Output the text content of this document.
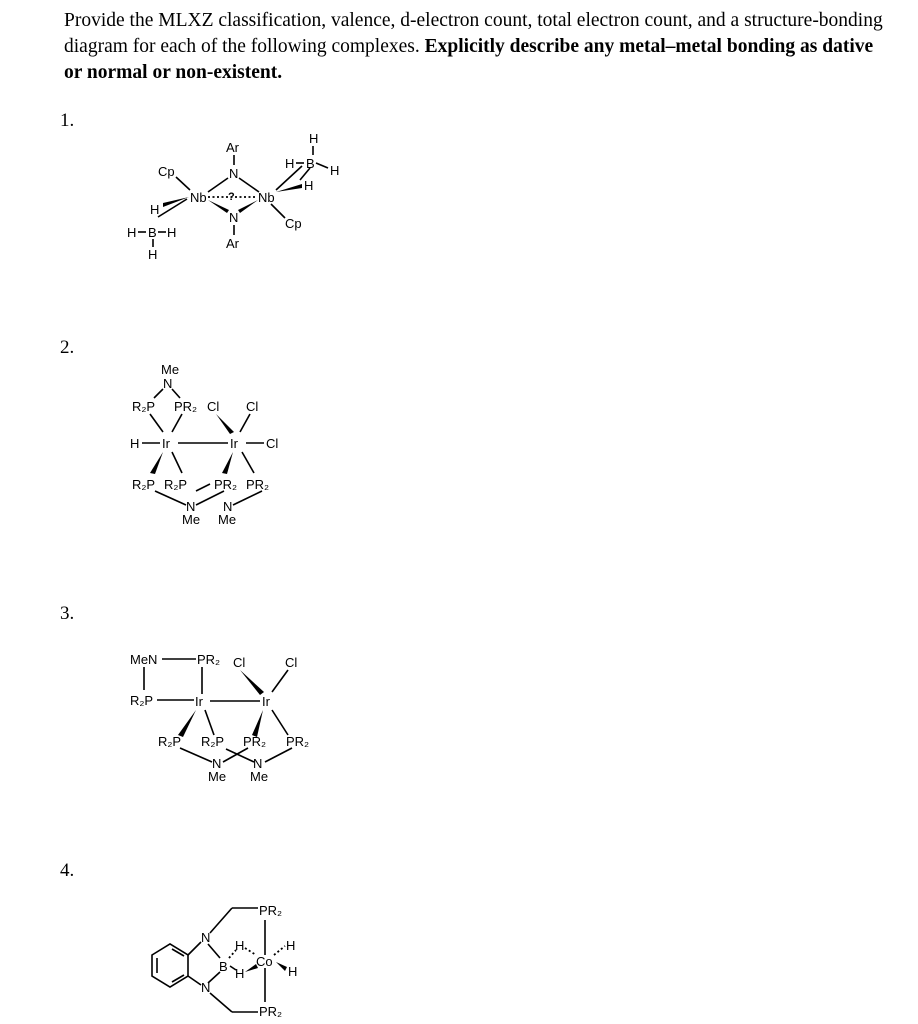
Provide the MLXZ classification, valence, d-electron count, total electron count, and a structure-bonding diagram for each of the following complexes. Explicitly describe any metal–metal bonding as dative or normal or non-existent.
1.
2.
3.
4.
Ar
N
N
Ar
Nb	Nb
?
Cp
Cp
H
H B H
H
H
H B H
H
Me
N
R₂P PR₂ Cl Cl
H Ir	Ir Cl
R₂P R₂P PR₂ PR₂
N N
Me Me
MeN	PR₂ Cl	Cl
R₂P	Ir	Ir
R₂P R₂P PR₂ PR₂
N N
Me Me
N
N
B
PR₂
PR₂
H
H
Co
H
H
